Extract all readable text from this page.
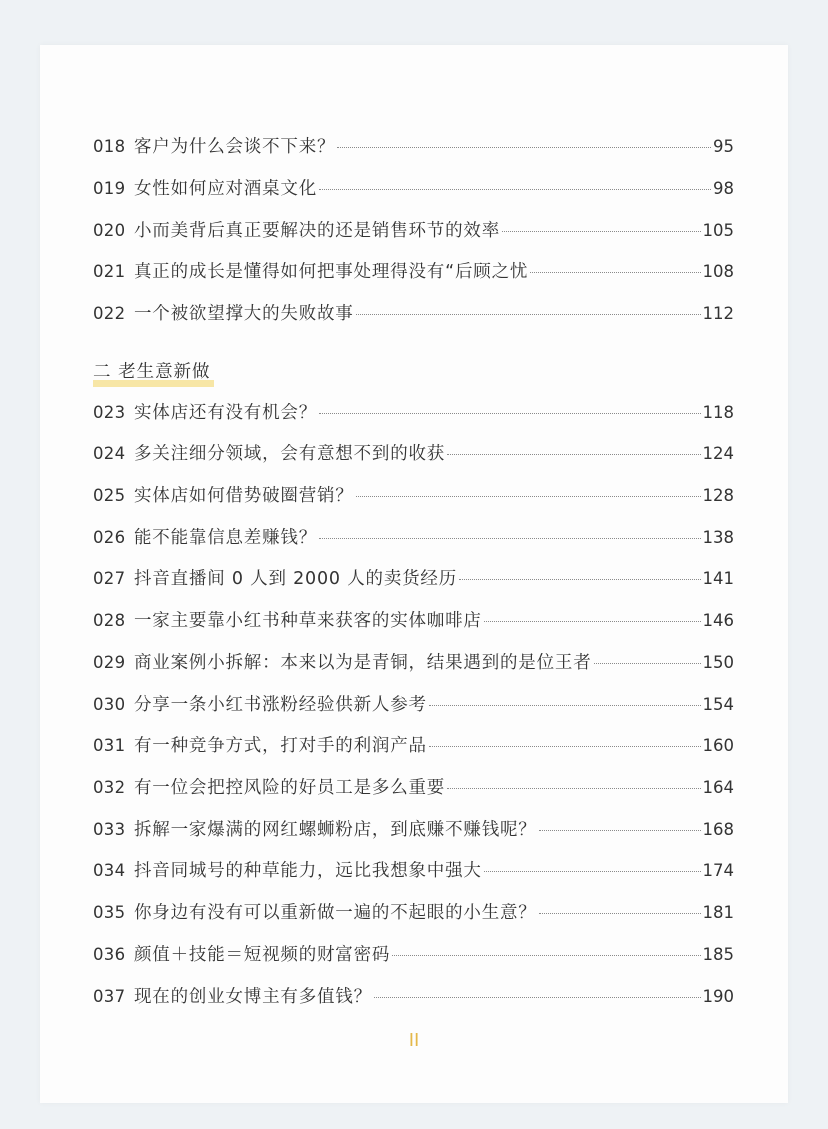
018 客户为什么会谈不下来？	95
019 女性如何应对酒桌文化	98
020 小而美背后真正要解决的还是销售环节的效率	105
021 真正的成长是懂得如何把事处理得没有“后顾之忧	108
022 一个被欲望撑大的失败故事	112
二 老生意新做
023 实体店还有没有机会？	118
024 多关注细分领域，会有意想不到的收获	124
025 实体店如何借势破圈营销？	128
026 能不能靠信息差赚钱？	138
027 抖音直播间 0 人到 2000 人的卖货经历	141
028 一家主要靠小红书种草来获客的实体咖啡店	146
029 商业案例小拆解：本来以为是青铜，结果遇到的是位王者	150
030 分享一条小红书涨粉经验供新人参考	154
031 有一种竞争方式，打对手的利润产品	160
032 有一位会把控风险的好员工是多么重要	164
033 拆解一家爆满的网红螺蛳粉店，到底赚不赚钱呢？	168
034 抖音同城号的种草能力，远比我想象中强大	174
035 你身边有没有可以重新做一遍的不起眼的小生意？	181
036 颜值＋技能＝短视频的财富密码	185
037 现在的创业女博主有多值钱？	190
II
